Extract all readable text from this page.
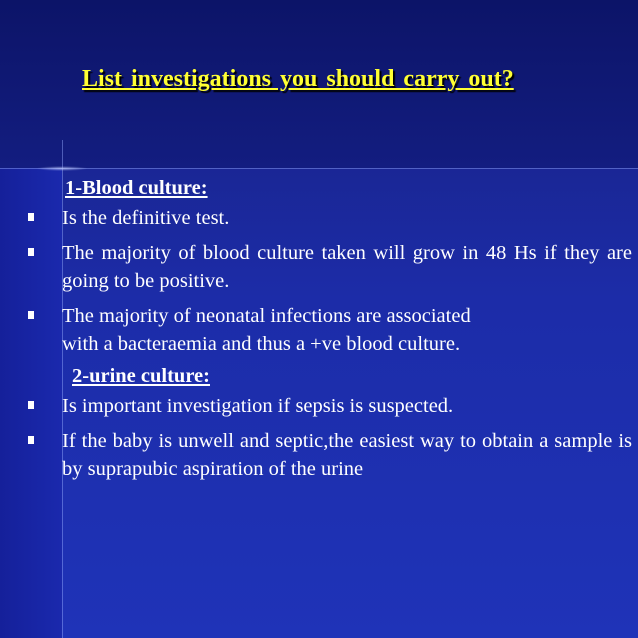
List investigations you should carry out?

1-Blood culture:

Is the definitive test.
The majority of blood culture taken will grow in 48 Hs if they are going to be positive.
The majority of neonatal infections are associated

with a bacteraemia and thus a +ve blood culture.

2-urine culture:

Is important investigation if sepsis is suspected.
If the baby is unwell and septic,the easiest way to obtain a sample is by suprapubic aspiration of the urine
